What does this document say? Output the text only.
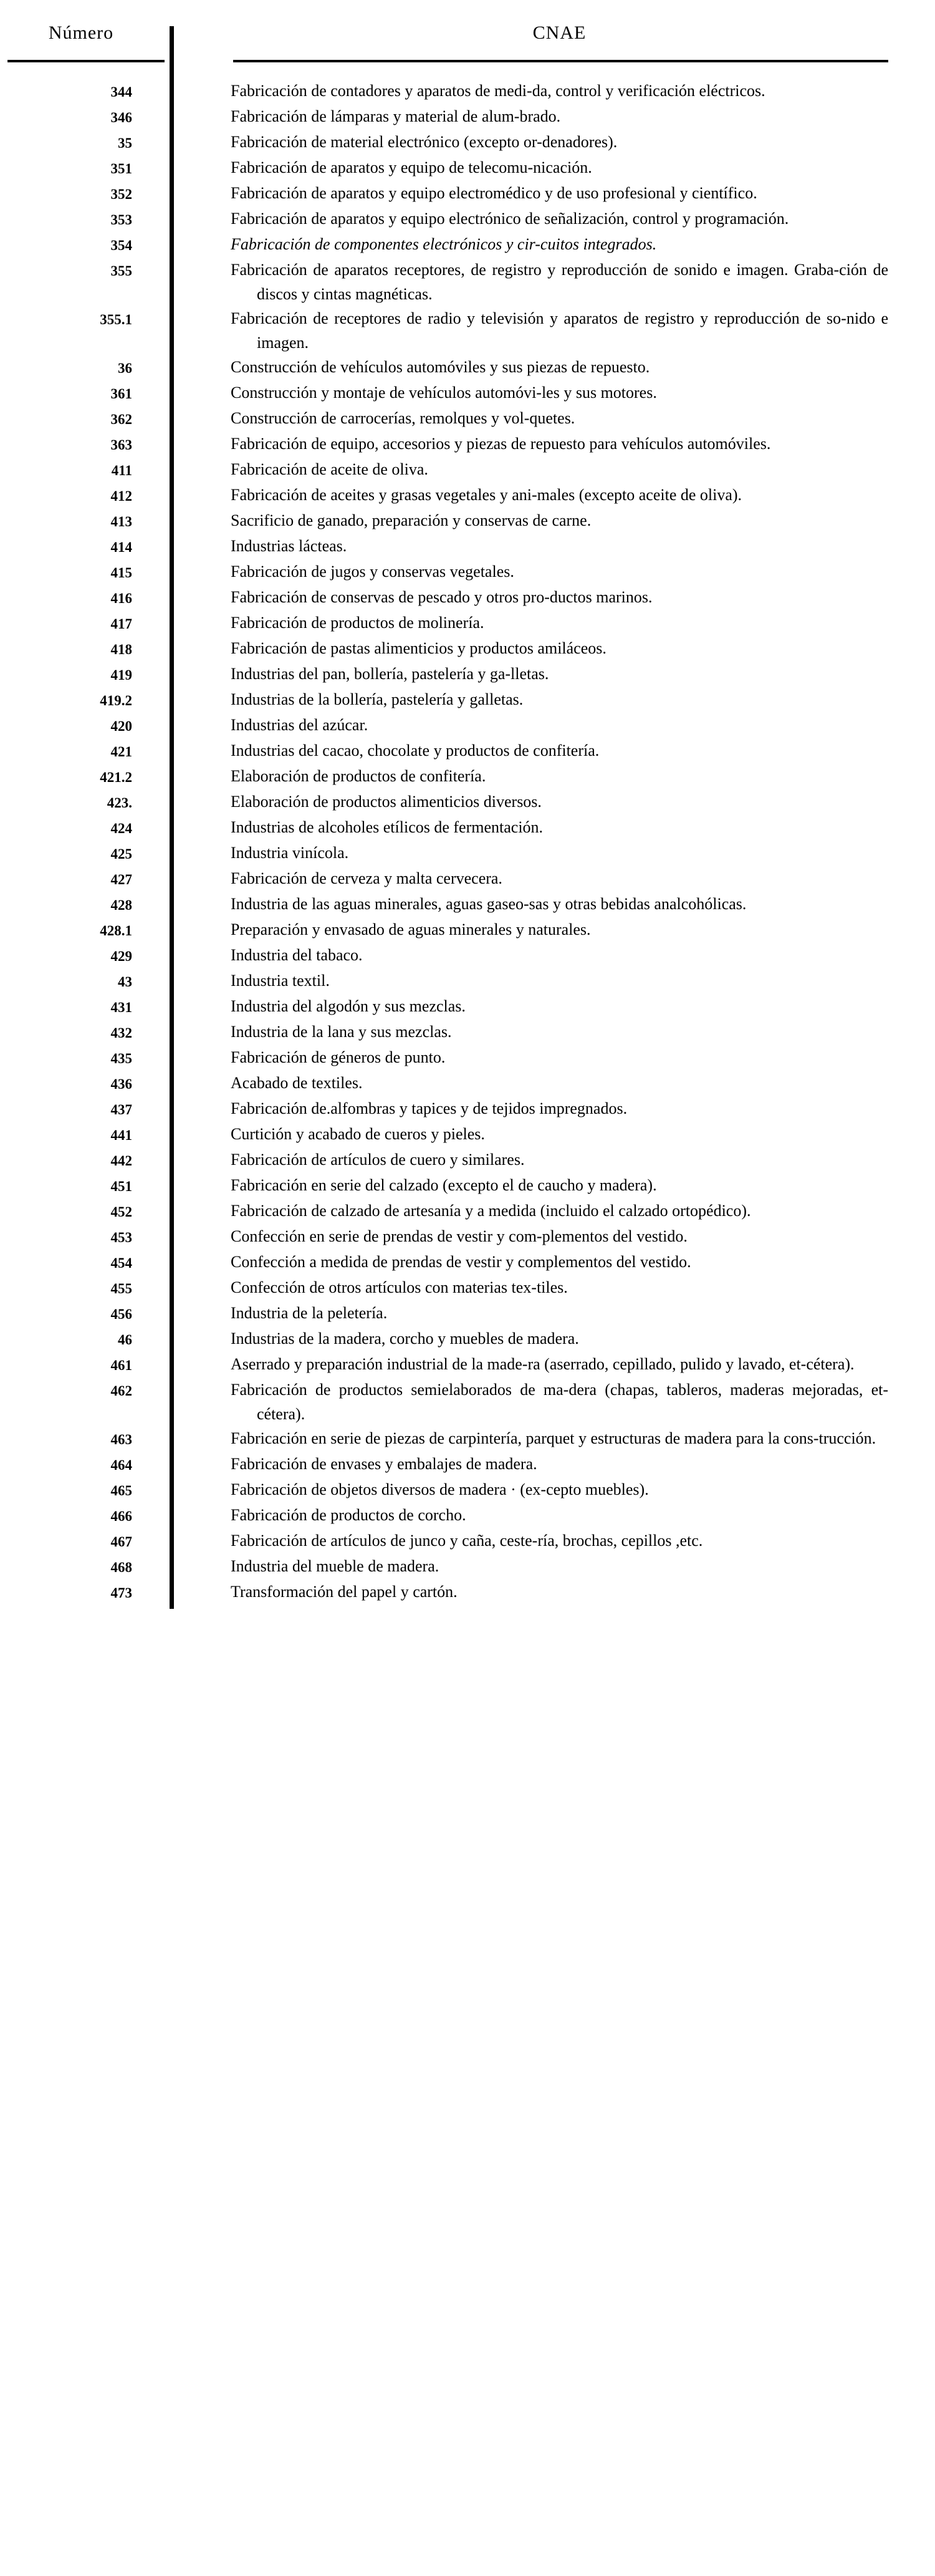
Número	CNAE
344	Fabricación de contadores y aparatos de medi-da, control y verificación eléctricos.
346	Fabricación de lámparas y material de alum-brado.
35	Fabricación de material electrónico (excepto or-denadores).
351	Fabricación de aparatos y equipo de telecomu-nicación.
352	Fabricación de aparatos y equipo electromédico y de uso profesional y científico.
353	Fabricación de aparatos y equipo electrónico de señalización, control y programación.
354	Fabricación de componentes electrónicos y cir-cuitos integrados.
355	Fabricación de aparatos receptores, de registro y reproducción de sonido e imagen. Graba-ción de discos y cintas magnéticas.
355.1	Fabricación de receptores de radio y televisión y aparatos de registro y reproducción de so-nido e imagen.
36	Construcción de vehículos automóviles y sus piezas de repuesto.
361	Construcción y montaje de vehículos automóvi-les y sus motores.
362	Construcción de carrocerías, remolques y vol-quetes.
363	Fabricación de equipo, accesorios y piezas de repuesto para vehículos automóviles.
411	Fabricación de aceite de oliva.
412	Fabricación de aceites y grasas vegetales y ani-males (excepto aceite de oliva).
413	Sacrificio de ganado, preparación y conservas de carne.
414	Industrias lácteas.
415	Fabricación de jugos y conservas vegetales.
416	Fabricación de conservas de pescado y otros pro-ductos marinos.
417	Fabricación de productos de molinería.
418	Fabricación de pastas alimenticios y productos amiláceos.
419	Industrias del pan, bollería, pastelería y ga-lletas.
419.2	Industrias de la bollería, pastelería y galletas.
420	Industrias del azúcar.
421	Industrias del cacao, chocolate y productos de confitería.
421.2	Elaboración de productos de confitería.
423.	Elaboración de productos alimenticios diversos.
424	Industrias de alcoholes etílicos de fermentación.
425	Industria vinícola.
427	Fabricación de cerveza y malta cervecera.
428	Industria de las aguas minerales, aguas gaseo-sas y otras bebidas analcohólicas.
428.1	Preparación y envasado de aguas minerales y naturales.
429	Industria del tabaco.
43	Industria textil.
431	Industria del algodón y sus mezclas.
432	Industria de la lana y sus mezclas.
435	Fabricación de géneros de punto.
436	Acabado de textiles.
437	Fabricación de.alfombras y tapices y de tejidos impregnados.
441	Curtición y acabado de cueros y pieles.
442	Fabricación de artículos de cuero y similares.
451	Fabricación en serie del calzado (excepto el de caucho y madera).
452	Fabricación de calzado de artesanía y a medida (incluido el calzado ortopédico).
453	Confección en serie de prendas de vestir y com-plementos del vestido.
454	Confección a medida de prendas de vestir y complementos del vestido.
455	Confección de otros artículos con materias tex-tiles.
456	Industria de la peletería.
46	Industrias de la madera, corcho y muebles de madera.
461	Aserrado y preparación industrial de la made-ra (aserrado, cepillado, pulido y lavado, et-cétera).
462	Fabricación de productos semielaborados de ma-dera (chapas, tableros, maderas mejoradas, et-cétera).
463	Fabricación en serie de piezas de carpintería, parquet y estructuras de madera para la cons-trucción.
464	Fabricación de envases y embalajes de madera.
465	Fabricación de objetos diversos de madera · (ex-cepto muebles).
466	Fabricación de productos de corcho.
467	Fabricación de artículos de junco y caña, ceste-ría, brochas, cepillos ,etc.
468	Industria del mueble de madera.
473	Transformación del papel y cartón.
